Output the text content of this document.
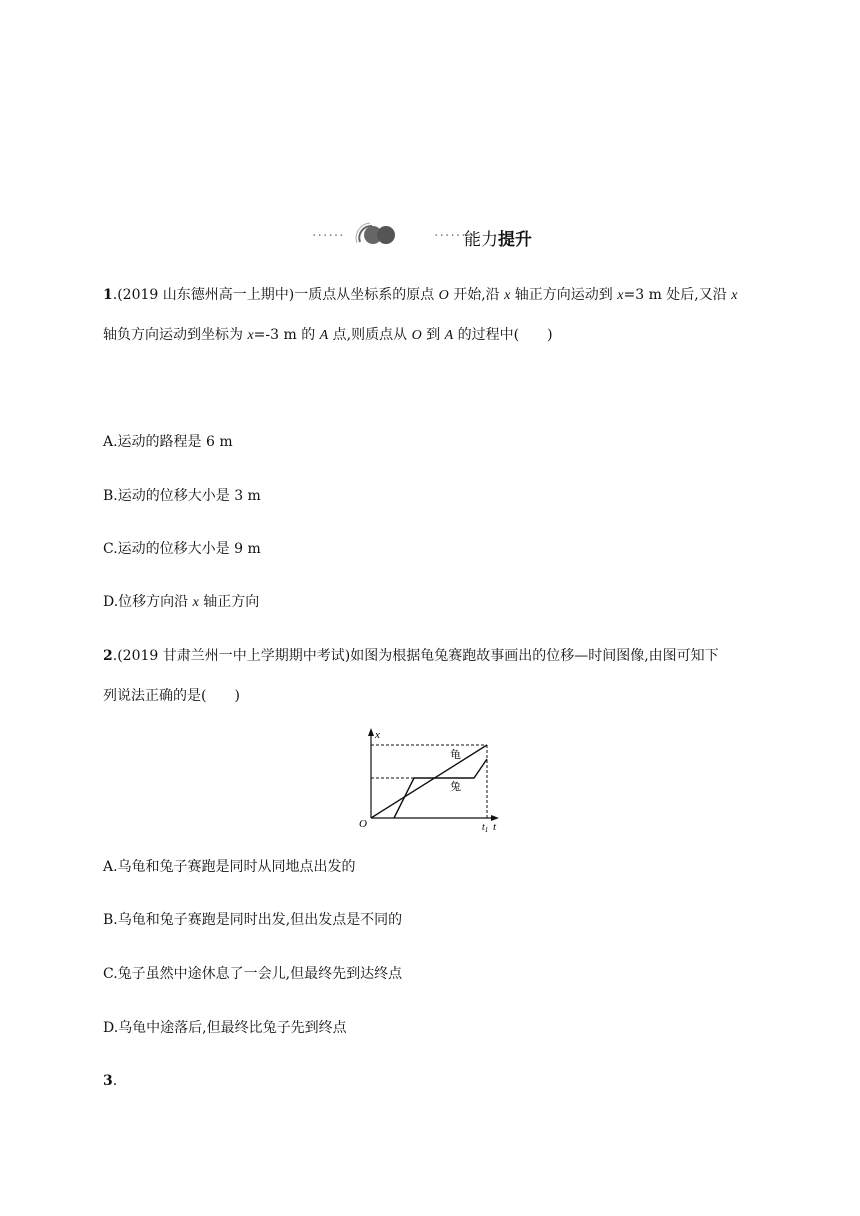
······	······
能力提升
1.(2019 山东德州高一上期中)一质点从坐标系的原点 O 开始,沿 x 轴正方向运动到 x=3 m 处后,又沿 x
轴负方向运动到坐标为 x=-3 m 的 A 点,则质点从 O 到 A 的过程中(　　)
A.运动的路程是 6 m
B.运动的位移大小是 3 m
C.运动的位移大小是 9 m
D.位移方向沿 x 轴正方向
2.(2019 甘肃兰州一中上学期期中考试)如图为根据龟兔赛跑故事画出的位移—时间图像,由图可知下
列说法正确的是(　　)
x
龟
兔
O	$t_1$ t
A.乌龟和兔子赛跑是同时从同地点出发的
B.乌龟和兔子赛跑是同时出发,但出发点是不同的
C.兔子虽然中途休息了一会儿,但最终先到达终点
D.乌龟中途落后,但最终比兔子先到终点
3.
